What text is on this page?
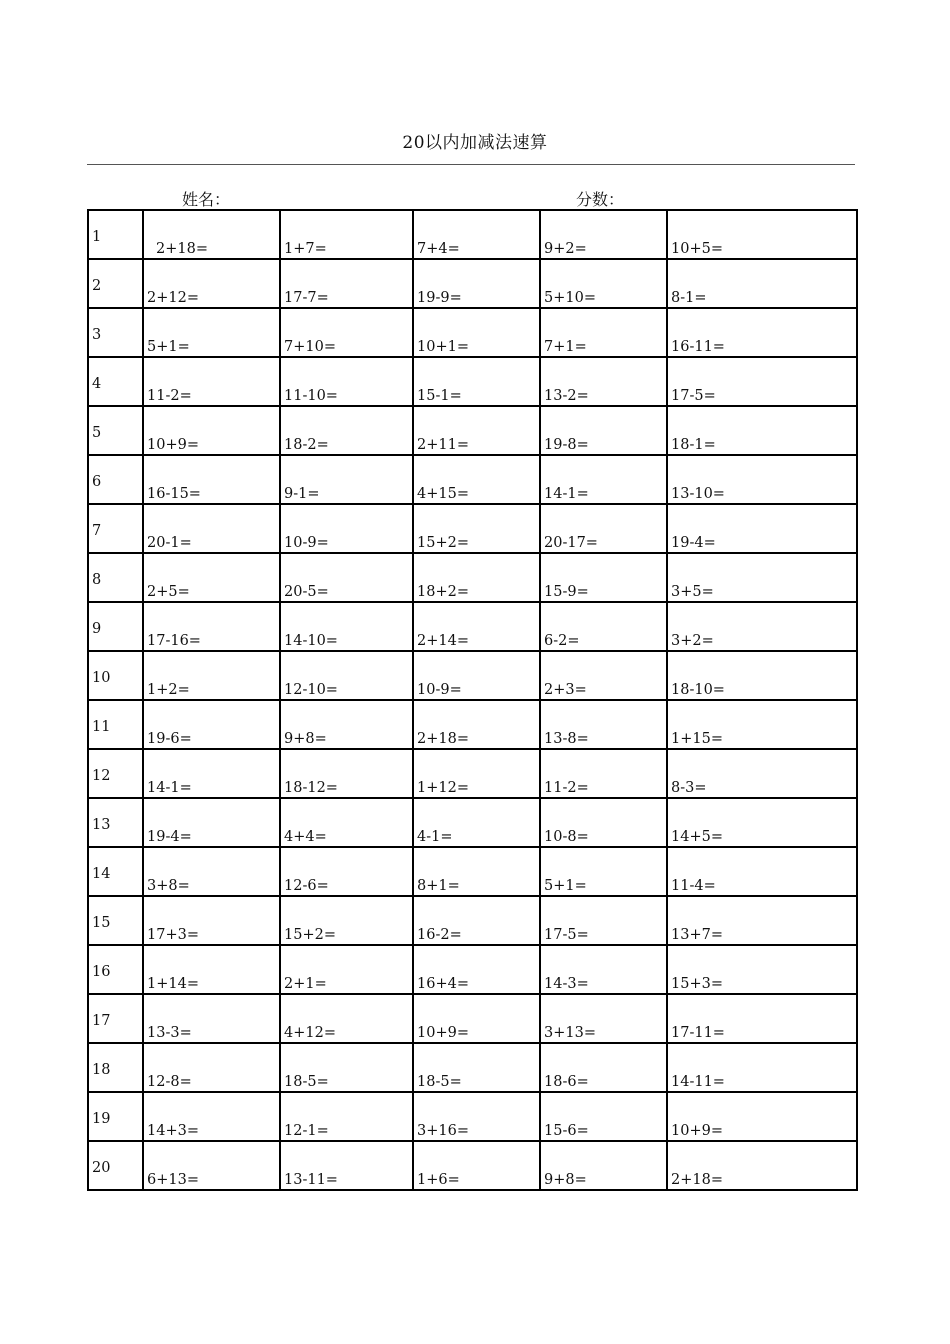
20以内加减法速算
姓名：	分数：
1	2+18=	1+7=	7+4=	9+2=	10+5=

2	2+12=	17-7=	19-9=	5+10=	8-1=

3	5+1=	7+10=	10+1=	7+1=	16-11=

4	11-2=	11-10=	15-1=	13-2=	17-5=

5	10+9=	18-2=	2+11=	19-8=	18-1=

6	16-15=	9-1=	4+15=	14-1=	13-10=

7	20-1=	10-9=	15+2=	20-17=	19-4=

8	2+5=	20-5=	18+2=	15-9=	3+5=

9	17-16=	14-10=	2+14=	6-2=	3+2=

10	1+2=	12-10=	10-9=	2+3=	18-10=

11	19-6=	9+8=	2+18=	13-8=	1+15=

12	14-1=	18-12=	1+12=	11-2=	8-3=

13	19-4=	4+4=	4-1=	10-8=	14+5=

14	3+8=	12-6=	8+1=	5+1=	11-4=

15	17+3=	15+2=	16-2=	17-5=	13+7=

16	1+14=	2+1=	16+4=	14-3=	15+3=

17	13-3=	4+12=	10+9=	3+13=	17-11=

18	12-8=	18-5=	18-5=	18-6=	14-11=

19	14+3=	12-1=	3+16=	15-6=	10+9=

20	6+13=	13-11=	1+6=	9+8=	2+18=
